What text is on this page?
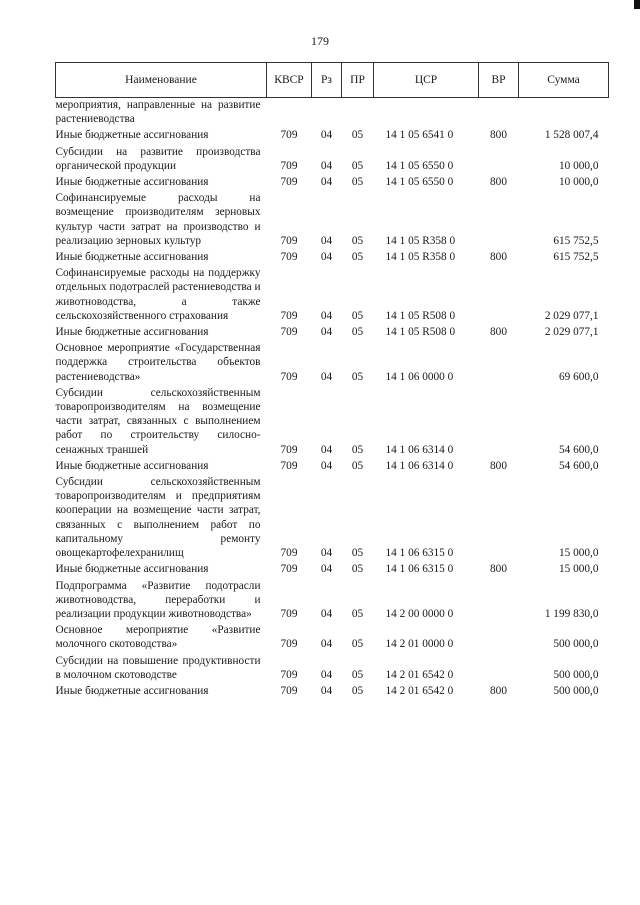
179
Наименование	КВСР	Рз	ПР	ЦСР	ВР	Сумма
мероприятия, направленные на развитие растениеводства						
Иные бюджетные ассигнования	709	04	05	14 1 05 6541 0	800	1 528 007,4
Субсидии на развитие производства органической продукции	709	04	05	14 1 05 6550 0		10 000,0
Иные бюджетные ассигнования	709	04	05	14 1 05 6550 0	800	10 000,0
Софинансируемые расходы на возмещение производителям зерновых культур части затрат на производство и реализацию зерновых культур	709	04	05	14 1 05 R358 0		615 752,5
Иные бюджетные ассигнования	709	04	05	14 1 05 R358 0	800	615 752,5
Софинансируемые расходы на поддержку отдельных подотраслей растениеводства и животноводства, а также сельскохозяйственного страхования	709	04	05	14 1 05 R508 0		2 029 077,1
Иные бюджетные ассигнования	709	04	05	14 1 05 R508 0	800	2 029 077,1
Основное мероприятие «Государственная поддержка строительства объектов растениеводства»	709	04	05	14 1 06 0000 0		69 600,0
Субсидии сельскохозяйственным товаропроизводителям на возмещение части затрат, связанных с выполнением работ по строительству силосно-сенажных траншей	709	04	05	14 1 06 6314 0		54 600,0
Иные бюджетные ассигнования	709	04	05	14 1 06 6314 0	800	54 600,0
Субсидии сельскохозяйственным товаропроизводителям и предприятиям кооперации на возмещение части затрат, связанных с выполнением работ по капитальному ремонту овощекартофелехранилищ	709	04	05	14 1 06 6315 0		15 000,0
Иные бюджетные ассигнования	709	04	05	14 1 06 6315 0	800	15 000,0
Подпрограмма «Развитие подотрасли животноводства, переработки и реализации продукции животноводства»	709	04	05	14 2 00 0000 0		1 199 830,0
Основное мероприятие «Развитие молочного скотоводства»	709	04	05	14 2 01 0000 0		500 000,0
Субсидии на повышение продуктивности в молочном скотоводстве	709	04	05	14 2 01 6542 0		500 000,0
Иные бюджетные ассигнования	709	04	05	14 2 01 6542 0	800	500 000,0
